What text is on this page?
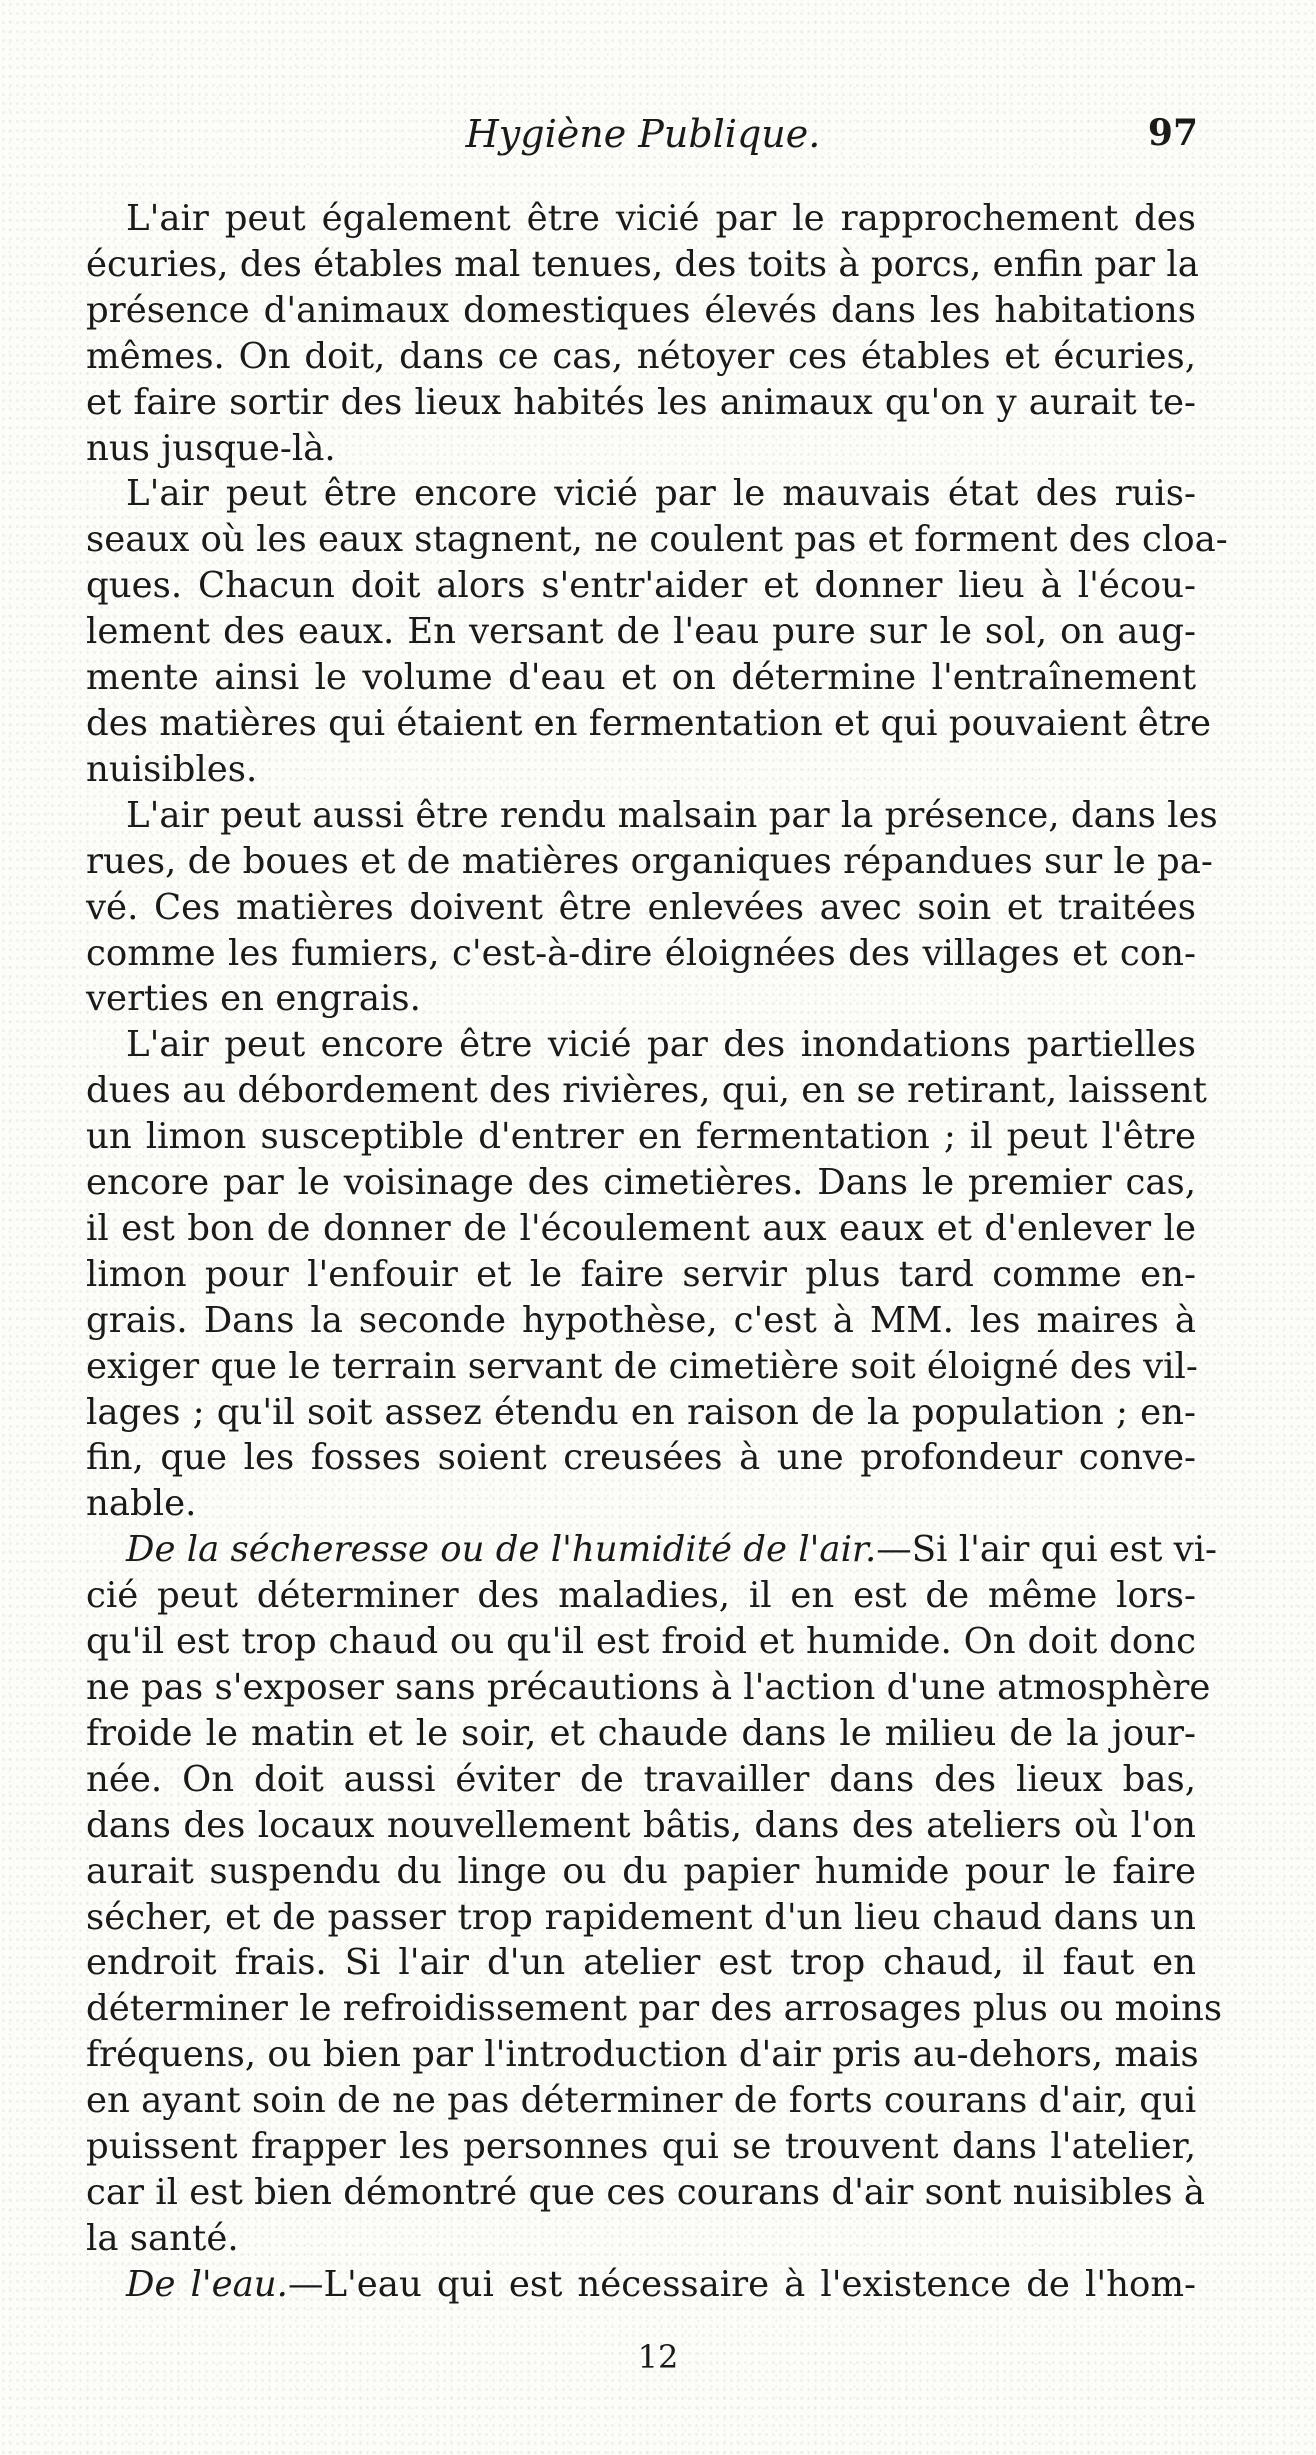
Hygiène Publique.	97
L'air peut également être vicié par le rapprochement des
écuries, des étables mal tenues, des toits à porcs, enfin par la
présence d'animaux domestiques élevés dans les habitations
mêmes. On doit, dans ce cas, nétoyer ces étables et écuries,
et faire sortir des lieux habités les animaux qu'on y aurait te-
nus jusque-là.
L'air peut être encore vicié par le mauvais état des ruis-
seaux où les eaux stagnent, ne coulent pas et forment des cloa-
ques. Chacun doit alors s'entr'aider et donner lieu à l'écou-
lement des eaux. En versant de l'eau pure sur le sol, on aug-
mente ainsi le volume d'eau et on détermine l'entraînement
des matières qui étaient en fermentation et qui pouvaient être
nuisibles.
L'air peut aussi être rendu malsain par la présence, dans les
rues, de boues et de matières organiques répandues sur le pa-
vé. Ces matières doivent être enlevées avec soin et traitées
comme les fumiers, c'est-à-dire éloignées des villages et con-
verties en engrais.
L'air peut encore être vicié par des inondations partielles
dues au débordement des rivières, qui, en se retirant, laissent
un limon susceptible d'entrer en fermentation ; il peut l'être
encore par le voisinage des cimetières. Dans le premier cas,
il est bon de donner de l'écoulement aux eaux et d'enlever le
limon pour l'enfouir et le faire servir plus tard comme en-
grais. Dans la seconde hypothèse, c'est à MM. les maires à
exiger que le terrain servant de cimetière soit éloigné des vil-
lages ; qu'il soit assez étendu en raison de la population ; en-
fin, que les fosses soient creusées à une profondeur conve-
nable.
De la sécheresse ou de l'humidité de l'air.—Si l'air qui est vi-
cié peut déterminer des maladies, il en est de même lors-
qu'il est trop chaud ou qu'il est froid et humide. On doit donc
ne pas s'exposer sans précautions à l'action d'une atmosphère
froide le matin et le soir, et chaude dans le milieu de la jour-
née. On doit aussi éviter de travailler dans des lieux bas,
dans des locaux nouvellement bâtis, dans des ateliers où l'on
aurait suspendu du linge ou du papier humide pour le faire
sécher, et de passer trop rapidement d'un lieu chaud dans un
endroit frais. Si l'air d'un atelier est trop chaud, il faut en
déterminer le refroidissement par des arrosages plus ou moins
fréquens, ou bien par l'introduction d'air pris au-dehors, mais
en ayant soin de ne pas déterminer de forts courans d'air, qui
puissent frapper les personnes qui se trouvent dans l'atelier,
car il est bien démontré que ces courans d'air sont nuisibles à
la santé.
De l'eau.—L'eau qui est nécessaire à l'existence de l'hom-
12
